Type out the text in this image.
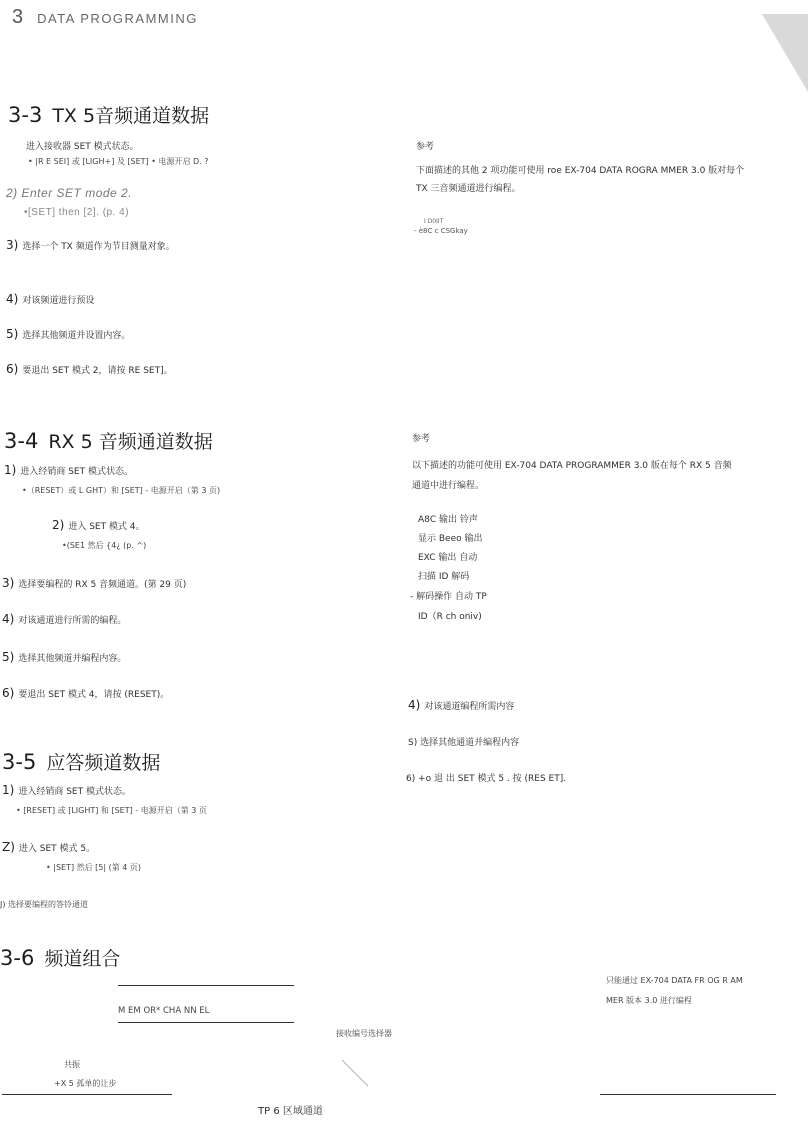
3 DATA PROGRAMMING
3-3 TX 5音频通道数据
进入接收器 SET 模式状态。
• |R E SEI] 或 [LIGH+] 及 [SET] • 电源开启 D. ?
2) Enter SET mode 2.
•[SET] then [2]. (p. 4)
3) 选择一个 TX 频道作为节目测量对象。
4) 对该频道进行预设
5) 选择其他频道并设置内容。
6) 要退出 SET 模式 2，请按 RE SET]。
参考
下面描述的其他 2 项功能可使用 roe EX-704 DATA ROGRA MMER 3.0 版对每个
TX 三音频通道进行编程。
I D0IIT
- è8C c CSGkay
3-4 RX 5 音频通道数据
1) 进入经销商 SET 模式状态。
•（RESET）或 L GHT）和 [SET] - 电源开启（第 3 页)
2) 进入 SET 模式 4。
•(SE1 然后 {4¿ (p. ^)
3) 选择要编程的 RX 5 音频通道。(第 29 页)
4) 对该通道进行所需的编程。
5) 选择其他频道并编程内容。
6) 要退出 SET 模式 4，请按 (RESET)。
参考
以下描述的功能可使用 EX-704 DATA PROGRAMMER 3.0 版在每个 RX 5 音频
通道中进行编程。
A8C 输出 铃声
显示 Beeo 输出
EXC 输出 自动
扫描 ID 解码
- 解码操作 自动 TP
ID（R ch oniv)
4) 对该通道编程所需内容
S) 选择其他通道并编程内容
6) +o 退 出 SET 模式 5 . 按 (RES ET].
3-5 应答频道数据
1) 进入经销商 SET 模式状态。
• [RESET] 或 [LIGHT] 和 [SET] - 电源开启（第 3 页
Z) 进入 SET 模式 5。
• |SET] 然后 [5| (第 4 页)
J) 选择要编程的答铃通道
3-6 频道组合
M EM OR* CHA NN EL
接收编号选择器
共振
+X 5 孤单的让步
TP 6 区域通道
只能通过 EX-704 DATA FR OG R AM
MER 版本 3.0 进行编程
